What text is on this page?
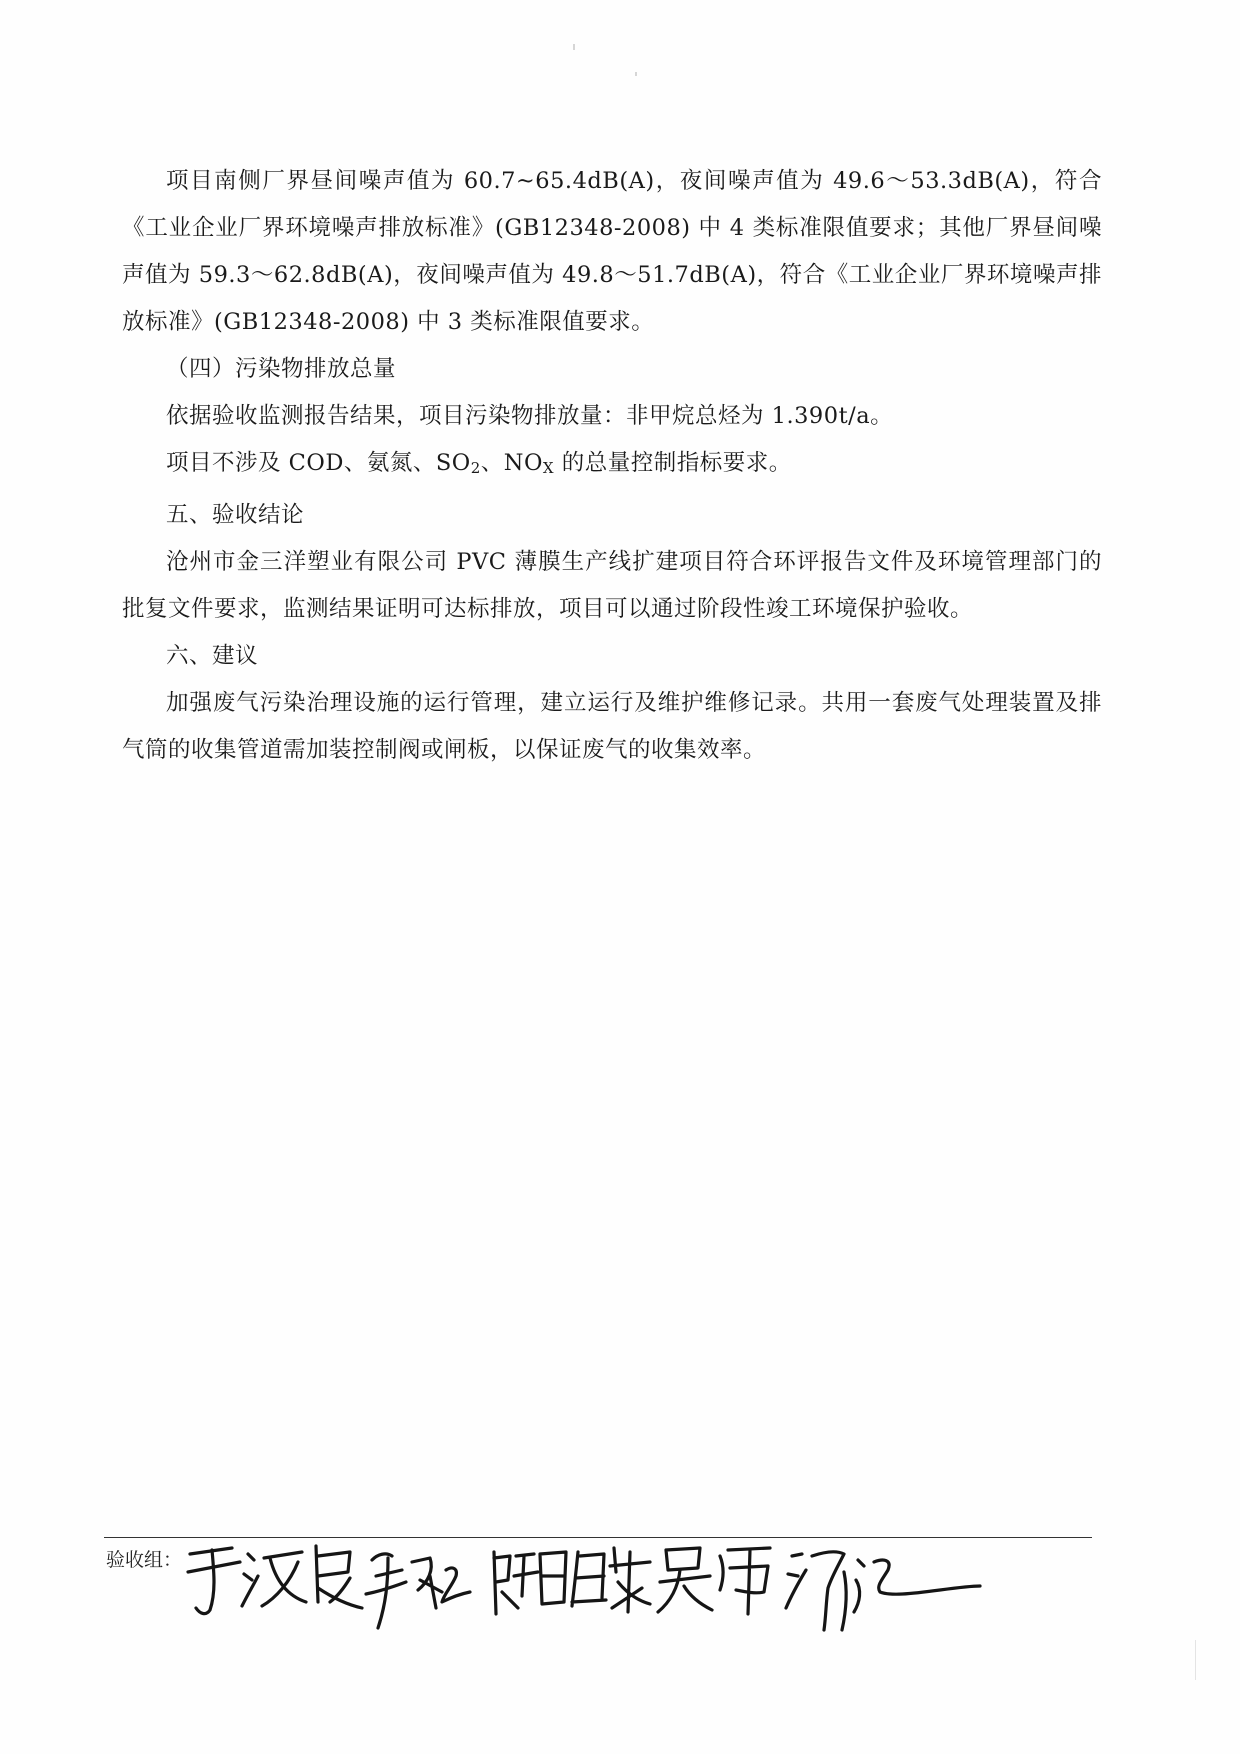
项目南侧厂界昼间噪声值为 60.7~65.4dB(A)，夜间噪声值为 49.6～53.3dB(A)，符合《工业企业厂界环境噪声排放标准》(GB12348-2008) 中 4 类标准限值要求；其他厂界昼间噪声值为 59.3～62.8dB(A)，夜间噪声值为 49.8～51.7dB(A)，符合《工业企业厂界环境噪声排放标准》(GB12348-2008) 中 3 类标准限值要求。

（四）污染物排放总量

依据验收监测报告结果，项目污染物排放量：非甲烷总烃为 1.390t/a。

项目不涉及 COD、氨氮、$SO_2$、$NO_X$ 的总量控制指标要求。

五、验收结论

沧州市金三洋塑业有限公司 PVC 薄膜生产线扩建项目符合环评报告文件及环境管理部门的批复文件要求，监测结果证明可达标排放，项目可以通过阶段性竣工环境保护验收。

六、建议

加强废气污染治理设施的运行管理，建立运行及维护维修记录。共用一套废气处理装置及排气筒的收集管道需加装控制阀或闸板，以保证废气的收集效率。

验收组：
